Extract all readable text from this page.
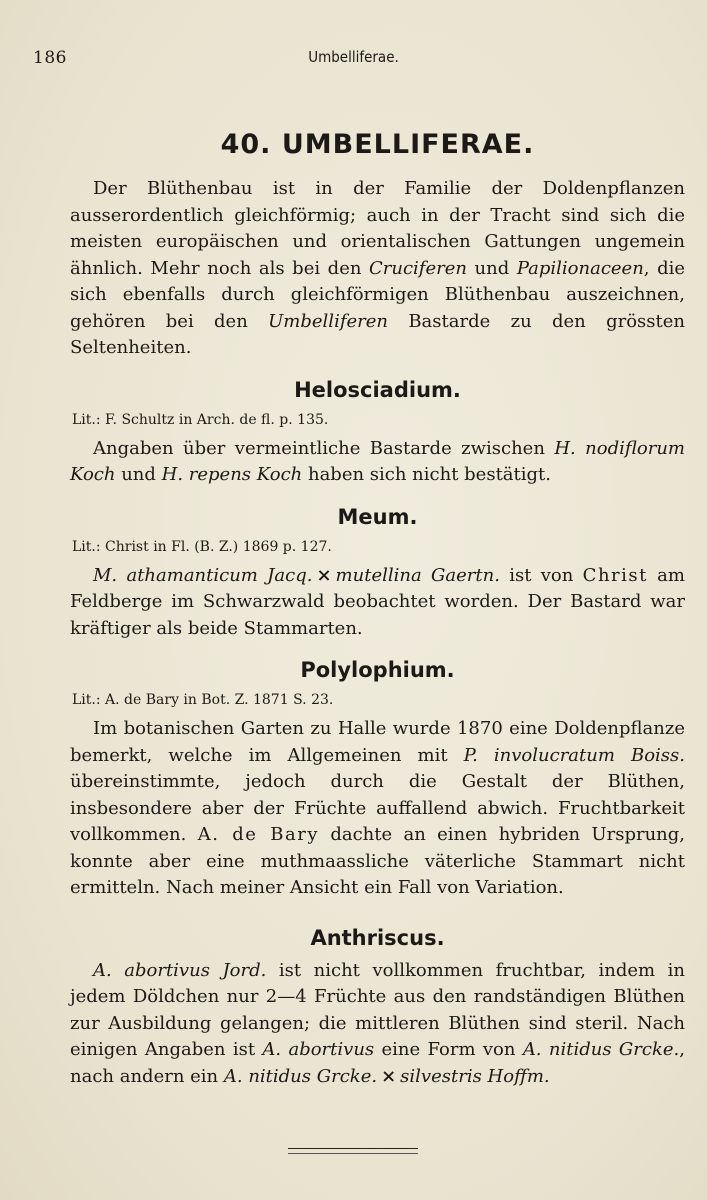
186	Umbelliferae.
40. UMBELLIFERAE.

Der Blüthenbau ist in der Familie der Doldenpflanzen ausserordentlich gleichförmig; auch in der Tracht sind sich die meisten europäischen und orientalischen Gattungen ungemein ähnlich. Mehr noch als bei den Cruciferen und Papilionaceen, die sich ebenfalls durch gleichförmigen Blüthenbau auszeichnen, gehören bei den Umbelliferen Bastarde zu den grössten Seltenheiten.

Helosciadium.
Lit.: F. Schultz in Arch. de fl. p. 135.

Angaben über vermeintliche Bastarde zwischen H. nodiflorum Koch und H. repens Koch haben sich nicht bestätigt.

Meum.
Lit.: Christ in Fl. (B. Z.) 1869 p. 127.

M. athamanticum Jacq. × mutellina Gaertn. ist von Christ am Feldberge im Schwarzwald beobachtet worden. Der Bastard war kräftiger als beide Stammarten.

Polylophium.
Lit.: A. de Bary in Bot. Z. 1871 S. 23.

Im botanischen Garten zu Halle wurde 1870 eine Doldenpflanze bemerkt, welche im Allgemeinen mit P. involucratum Boiss. übereinstimmte, jedoch durch die Gestalt der Blüthen, insbesondere aber der Früchte auffallend abwich. Fruchtbarkeit vollkommen. A. de Bary dachte an einen hybriden Ursprung, konnte aber eine muthmaassliche väterliche Stammart nicht ermitteln. Nach meiner Ansicht ein Fall von Variation.

Anthriscus.

A. abortivus Jord. ist nicht vollkommen fruchtbar, indem in jedem Döldchen nur 2—4 Früchte aus den randständigen Blüthen zur Ausbildung gelangen; die mittleren Blüthen sind steril. Nach einigen Angaben ist A. abortivus eine Form von A. nitidus Grcke., nach andern ein A. nitidus Grcke. × silvestris Hoffm.
